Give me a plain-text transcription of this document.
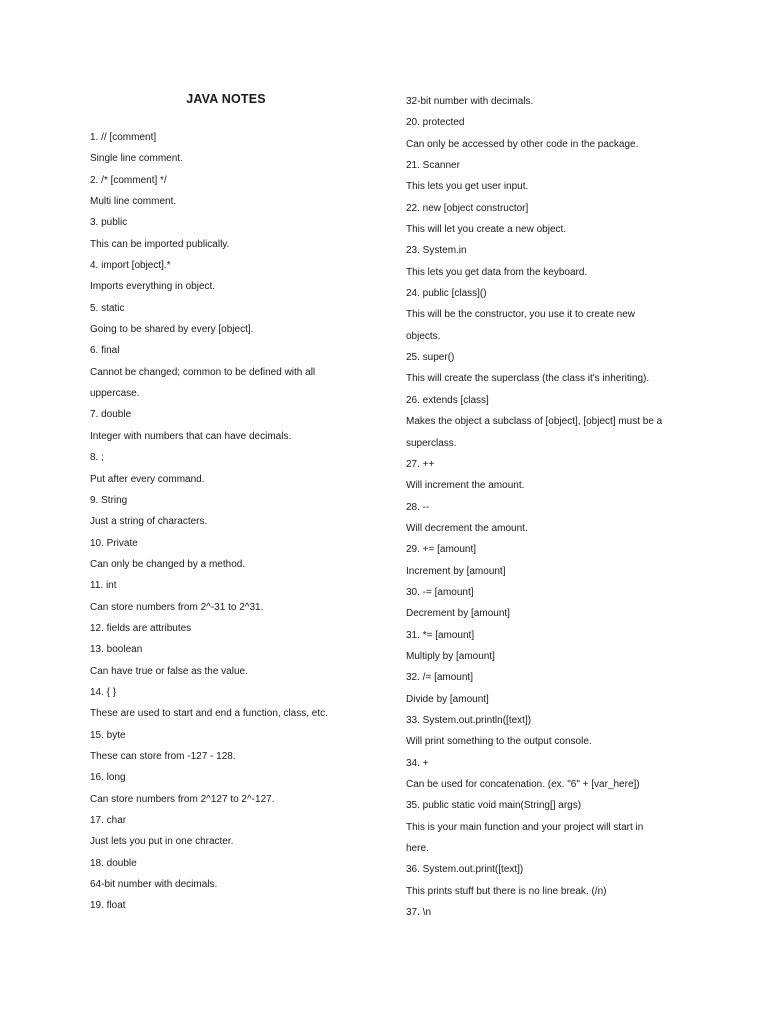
JAVA NOTES
1. // [comment]
Single line comment.
2. /* [comment] */
Multi line comment.
3. public
This can be imported publically.
4. import [object].*
Imports everything in object.
5. static
Going to be shared by every [object].
6. final
Cannot be changed; common to be defined with all
uppercase.
7. double
Integer with numbers that can have decimals.
8. ;
Put after every command.
9. String
Just a string of characters.
10. Private
Can only be changed by a method.
11. int
Can store numbers from 2^-31 to 2^31.
12. fields are attributes
13. boolean
Can have true or false as the value.
14. { }
These are used to start and end a function, class, etc.
15. byte
These can store from -127 - 128.
16. long
Can store numbers from 2^127 to 2^-127.
17. char
Just lets you put in one chracter.
18. double
64-bit number with decimals.
19. float
32-bit number with decimals.
20. protected
Can only be accessed by other code in the package.
21. Scanner
This lets you get user input.
22. new [object constructor]
This will let you create a new object.
23. System.in
This lets you get data from the keyboard.
24. public [class]()
This will be the constructor, you use it to create new
objects.
25. super()
This will create the superclass (the class it's inheriting).
26. extends [class]
Makes the object a subclass of [object], [object] must be a
superclass.
27. ++
Will increment the amount.
28. --
Will decrement the amount.
29. += [amount]
Increment by [amount]
30. -= [amount]
Decrement by [amount]
31. *= [amount]
Multiply by [amount]
32. /= [amount]
Divide by [amount]
33. System.out.println([text])
Will print something to the output console.
34. +
Can be used for concatenation. (ex. "6" + [var_here])
35. public static void main(String[] args)
This is your main function and your project will start in
here.
36. System.out.print([text])
This prints stuff but there is no line break. (/n)
37. \n
